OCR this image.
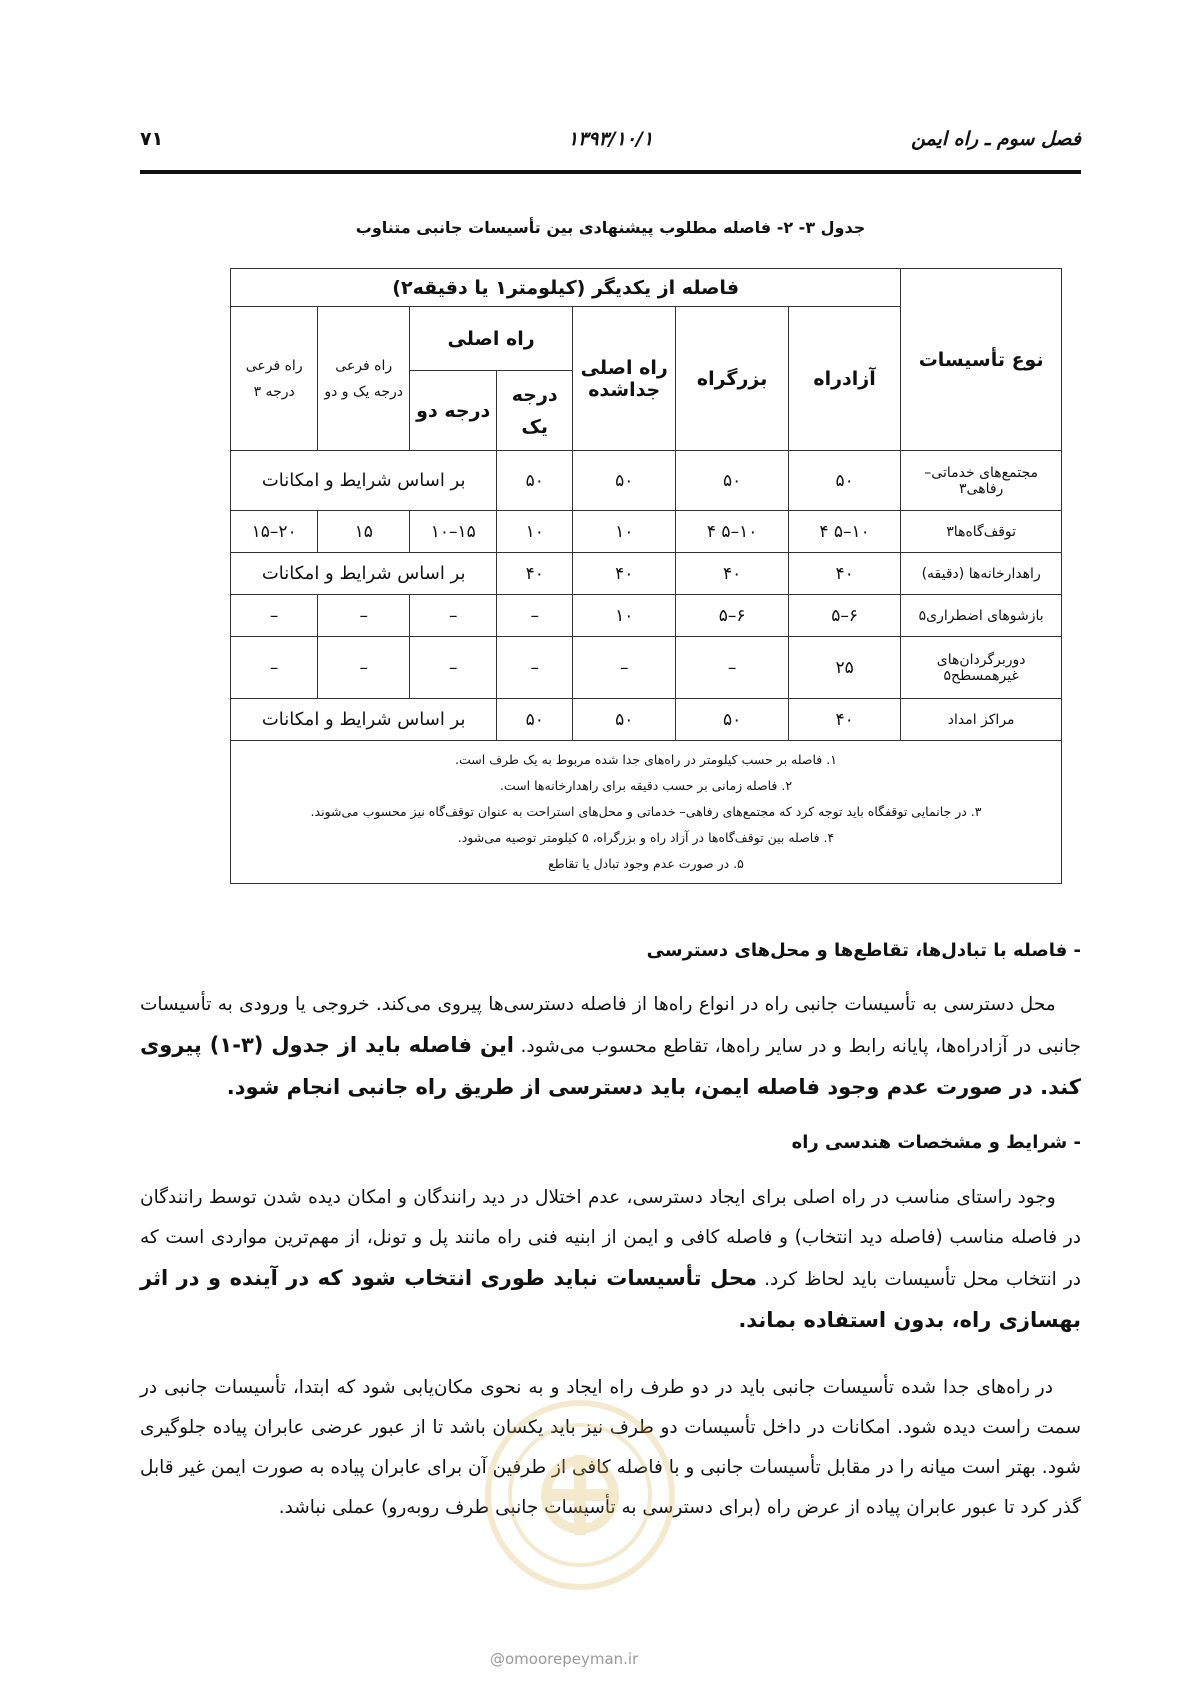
فصل سوم ـ راه ایمن
۱۳۹۳/۱۰/۱
۷۱
جدول ۳- ۲- فاصله مطلوب پیشنهادی بین تأسیسات جانبی متناوب
نوع تأسیسات	فاصله از یکدیگر (کیلومتر۱ یا دقیقه۲)						
	آزادراه	بزرگراه	راه اصلی جداشده	راه اصلی		راه فرعی درجه یک و دو	راه فرعی درجه ۳
				درجه یک	درجه دو		
مجتمع‌های خدماتی– رفاهی۳	۵۰	۵۰	۵۰	۵۰	بر اساس شرایط و امکانات		
توقف‌گاه‌ها۳	۱۰–۵ ۴	۱۰–۵ ۴	۱۰	۱۰	۱۵–۱۰	۱۵	۲۰–۱۵
راهدارخانه‌ها (دقیقه)	۴۰	۴۰	۴۰	۴۰	بر اساس شرایط و امکانات		
بازشوهای اضطراری۵	۶–۵	۶–۵	۱۰	–	–	–	–
دوربرگردان‌های غیرهمسطح۵	۲۵	–	–	–	–	–	–
مراکز امداد	۴۰	۵۰	۵۰	۵۰	بر اساس شرایط و امکانات		

۱. فاصله بر حسب کیلومتر در راه‌های جدا شده مربوط به یک طرف است.
۲. فاصله زمانی بر حسب دقیقه برای راهدارخانه‌ها است.
۳. در جانمایی توقفگاه باید توجه کرد که مجتمع‌های رفاهی– خدماتی و محل‌های استراحت به عنوان توقف‌گاه نیز محسوب می‌شوند.
۴. فاصله بین توقف‌گاه‌ها در آزاد راه و بزرگراه، ۵ کیلومتر توصیه می‌شود.
۵. در صورت عدم وجود تبادل یا تقاطع							
- فاصله با تبادل‌ها، تقاطع‌ها و محل‌های دسترسی

محل دسترسی به تأسیسات جانبی راه در انواع راه‌ها از فاصله دسترسی‌ها پیروی می‌کند. خروجی یا ورودی به تأسیسات جانبی در آزادراه‌ها، پایانه رابط و در سایر راه‌ها، تقاطع محسوب می‌شود. این فاصله باید از جدول (۳-۱) پیروی کند. در صورت عدم وجود فاصله ایمن، باید دسترسی از طریق راه جانبی انجام شود.

- شرایط و مشخصات هندسی راه

وجود راستای مناسب در راه اصلی برای ایجاد دسترسی، عدم اختلال در دید رانندگان و امکان دیده شدن توسط رانندگان در فاصله مناسب (فاصله دید انتخاب) و فاصله کافی و ایمن از ابنیه فنی راه مانند پل و تونل، از مهم‌ترین مواردی است که در انتخاب محل تأسیسات باید لحاظ کرد. محل تأسیسات نباید طوری انتخاب شود که در آینده و در اثر بهسازی راه، بدون استفاده بماند.

در راه‌های جدا شده تأسیسات جانبی باید در دو طرف راه ایجاد و به نحوی مکان‌یابی شود که ابتدا، تأسیسات جانبی در سمت راست دیده شود. امکانات در داخل تأسیسات دو طرف نیز باید یکسان باشد تا از عبور عرضی عابران پیاده جلوگیری شود. بهتر است میانه را در مقابل تأسیسات جانبی و با فاصله کافی از طرفین آن برای عابران پیاده به صورت ایمن غیر قابل گذر کرد تا عبور عابران پیاده از عرض راه (برای دسترسی به تأسیسات جانبی طرف روبه‌رو) عملی نباشد.

@omoorepeyman.ir
